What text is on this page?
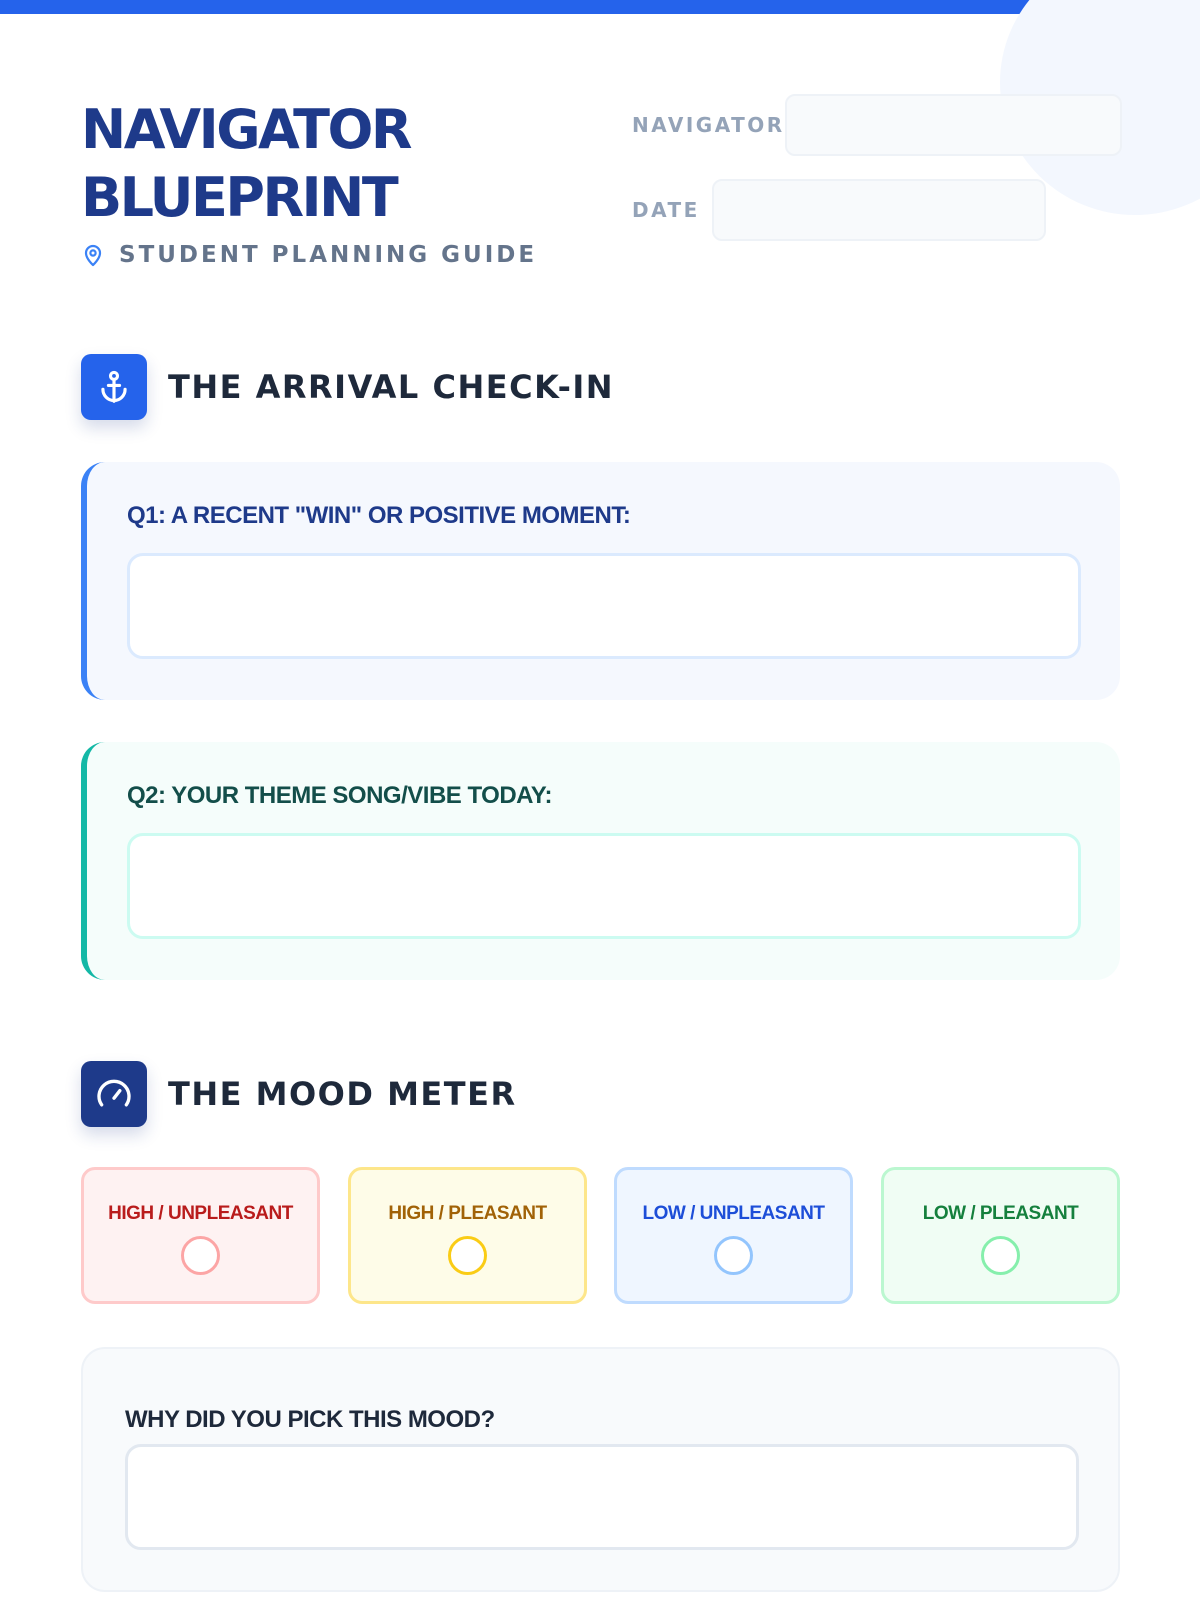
NAVIGATOR
BLUEPRINT
STUDENT PLANNING GUIDE
NAVIGATOR
DATE
THE ARRIVAL CHECK-IN
Q1: A RECENT "WIN" OR POSITIVE MOMENT:
Q2: YOUR THEME SONG/VIBE TODAY:
THE MOOD METER
HIGH / UNPLEASANT	HIGH / PLEASANT	LOW / UNPLEASANT	LOW / PLEASANT
WHY DID YOU PICK THIS MOOD?
